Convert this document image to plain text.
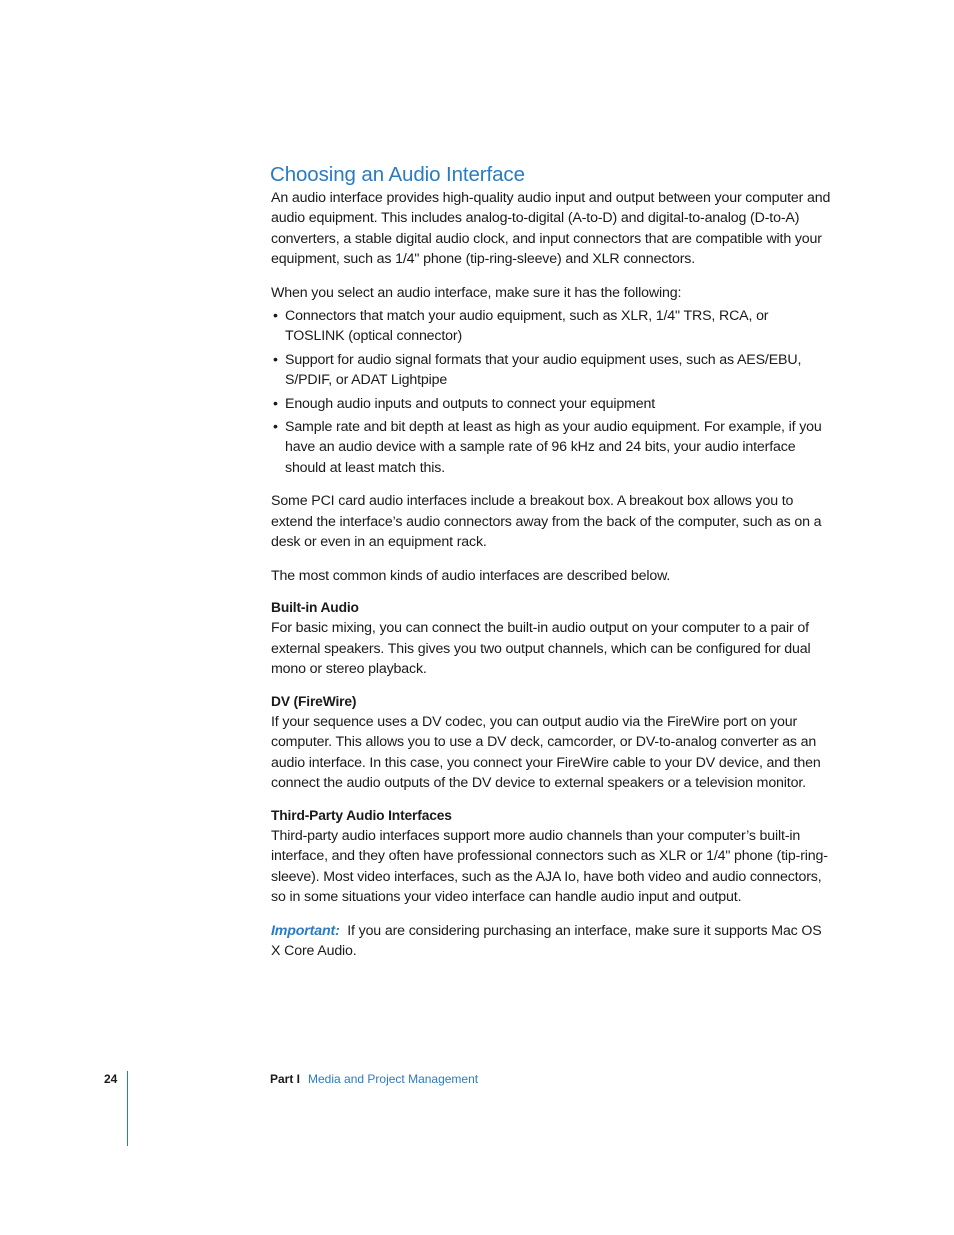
Choosing an Audio Interface

An audio interface provides high-quality audio input and output between your computer and audio equipment. This includes analog-to-digital (A-to-D) and digital-to-analog (D-to-A) converters, a stable digital audio clock, and input connectors that are compatible with your equipment, such as 1/4" phone (tip-ring-sleeve) and XLR connectors.

When you select an audio interface, make sure it has the following:

• Connectors that match your audio equipment, such as XLR, 1/4" TRS, RCA, or TOSLINK (optical connector)
• Support for audio signal formats that your audio equipment uses, such as AES/EBU, S/PDIF, or ADAT Lightpipe
• Enough audio inputs and outputs to connect your equipment
• Sample rate and bit depth at least as high as your audio equipment. For example, if you have an audio device with a sample rate of 96 kHz and 24 bits, your audio interface should at least match this.

Some PCI card audio interfaces include a breakout box. A breakout box allows you to extend the interface’s audio connectors away from the back of the computer, such as on a desk or even in an equipment rack.

The most common kinds of audio interfaces are described below.

Built-in Audio

For basic mixing, you can connect the built-in audio output on your computer to a pair of external speakers. This gives you two output channels, which can be configured for dual mono or stereo playback.

DV (FireWire)

If your sequence uses a DV codec, you can output audio via the FireWire port on your computer. This allows you to use a DV deck, camcorder, or DV-to-analog converter as an audio interface. In this case, you connect your FireWire cable to your DV device, and then connect the audio outputs of the DV device to external speakers or a television monitor.

Third-Party Audio Interfaces

Third-party audio interfaces support more audio channels than your computer’s built-in interface, and they often have professional connectors such as XLR or 1/4" phone (tip-ring-sleeve). Most video interfaces, such as the AJA Io, have both video and audio connectors, so in some situations your video interface can handle audio input and output.

Important: If you are considering purchasing an interface, make sure it supports Mac OS X Core Audio.

24	Part I Media and Project Management
